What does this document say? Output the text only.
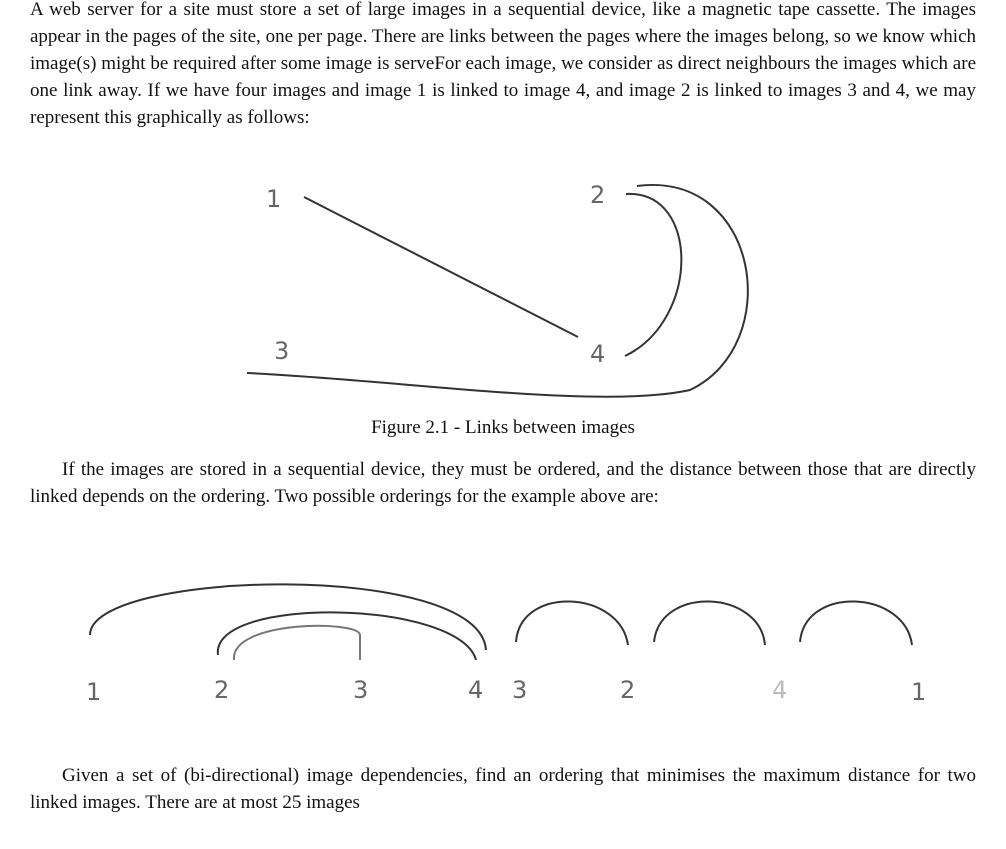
A web server for a site must store a set of large images in a sequential device, like a magnetic tape cassette. The images appear in the pages of the site, one per page. There are links between the pages where the images belong, so we know which image(s) might be required after some image is serveFor each image, we consider as direct neighbours the images which are one link away. If we have four images and image 1 is linked to image 4, and image 2 is linked to images 3 and 4, we may represent this graphically as follows:

1	2
3	4

Figure 2.1 - Links between images

If the images are stored in a sequential device, they must be ordered, and the distance between those that are directly linked depends on the ordering. Two possible orderings for the example above are:

1	2	3	4 3	2	4	1

Given a set of (bi-directional) image dependencies, find an ordering that minimises the maximum distance for two linked images. There are at most 25 images
